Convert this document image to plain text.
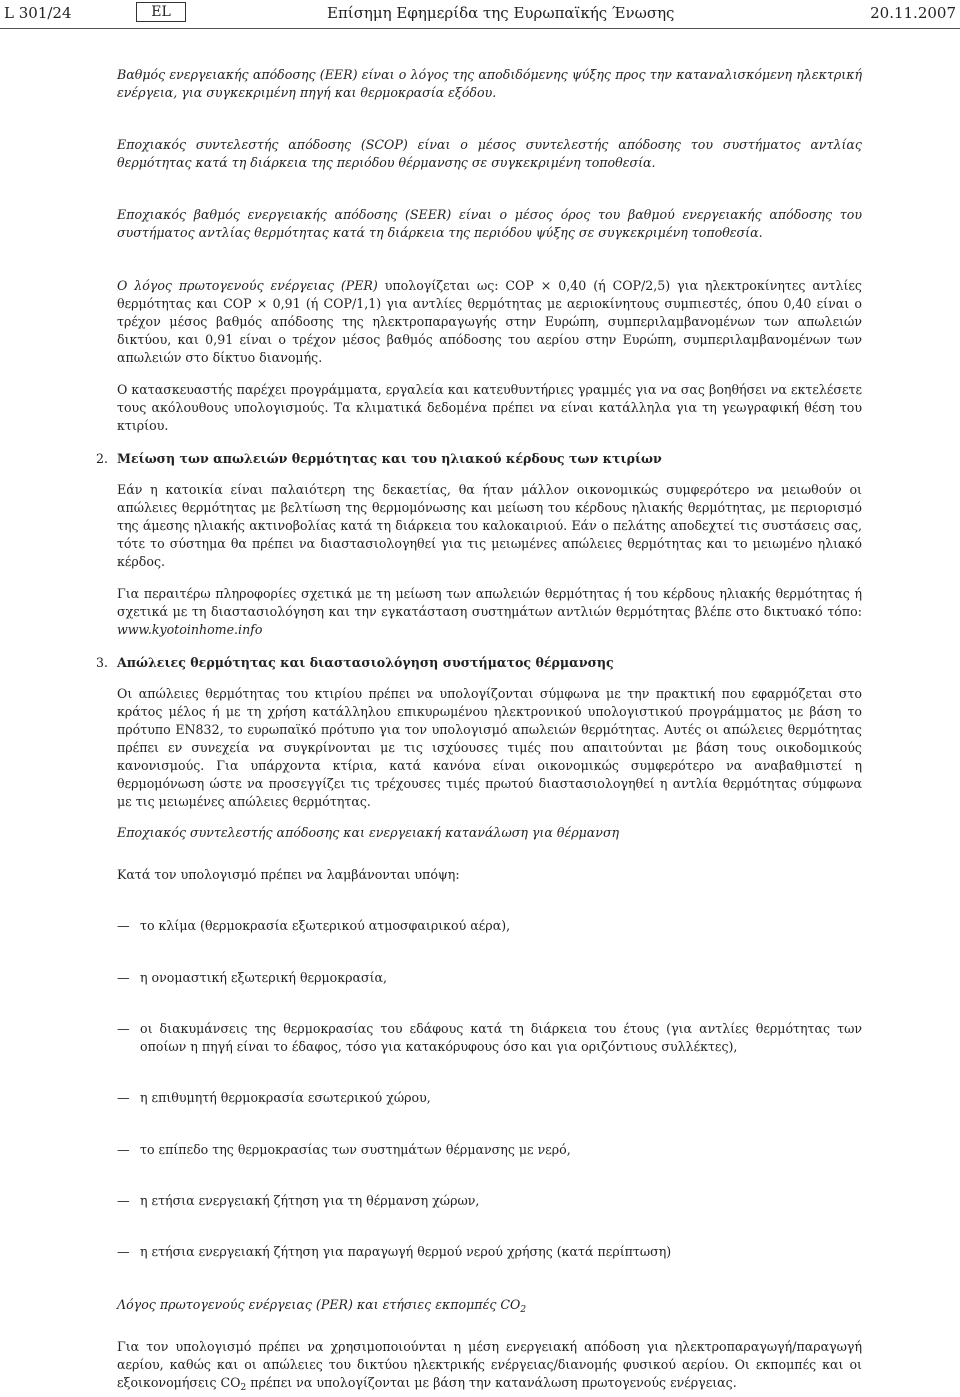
L 301/24	EL	Επίσημη Εφημερίδα της Ευρωπαϊκής Ένωσης	20.11.2007

Βαθμός ενεργειακής απόδοσης (EER) είναι ο λόγος της αποδιδόμενης ψύξης προς την καταναλισκόμενη ηλεκτρική ενέργεια, για συγκεκριμένη πηγή και θερμοκρασία εξόδου.

Εποχιακός συντελεστής απόδοσης (SCOP) είναι ο μέσος συντελεστής απόδοσης του συστήματος αντλίας θερμότητας κατά τη διάρκεια της περιόδου θέρμανσης σε συγκεκριμένη τοποθεσία.

Εποχιακός βαθμός ενεργειακής απόδοσης (SEER) είναι ο μέσος όρος του βαθμού ενεργειακής απόδοσης του συστήματος αντλίας θερμότητας κατά τη διάρκεια της περιόδου ψύξης σε συγκεκριμένη τοποθεσία.

Ο λόγος πρωτογενούς ενέργειας (PER) υπολογίζεται ως: COP × 0,40 (ή COP/2,5) για ηλεκτροκίνητες αντλίες θερμότητας και COP × 0,91 (ή COP/1,1) για αντλίες θερμότητας με αεριοκίνητους συμπιεστές, όπου 0,40 είναι ο τρέχον μέσος βαθμός απόδοσης της ηλεκτροπαραγωγής στην Ευρώπη, συμπεριλαμβανομένων των απωλειών δικτύου, και 0,91 είναι ο τρέχον μέσος βαθμός απόδοσης του αερίου στην Ευρώπη, συμπεριλαμβανομένων των απωλειών στο δίκτυο διανομής.

Ο κατασκευαστής παρέχει προγράμματα, εργαλεία και κατευθυντήριες γραμμές για να σας βοηθήσει να εκτελέσετε τους ακόλουθους υπολογισμούς. Τα κλιματικά δεδομένα πρέπει να είναι κατάλληλα για τη γεωγραφική θέση του κτιρίου.

2. Μείωση των απωλειών θερμότητας και του ηλιακού κέρδους των κτιρίων

Εάν η κατοικία είναι παλαιότερη της δεκαετίας, θα ήταν μάλλον οικονομικώς συμφερότερο να μειωθούν οι απώλειες θερμότητας με βελτίωση της θερμομόνωσης και μείωση του κέρδους ηλιακής θερμότητας, με περιορισμό της άμεσης ηλιακής ακτινοβολίας κατά τη διάρκεια του καλοκαιριού. Εάν ο πελάτης αποδεχτεί τις συστάσεις σας, τότε το σύστημα θα πρέπει να διαστασιολογηθεί για τις μειωμένες απώλειες θερμότητας και το μειωμένο ηλιακό κέρδος.

Για περαιτέρω πληροφορίες σχετικά με τη μείωση των απωλειών θερμότητας ή του κέρδους ηλιακής θερμότητας ή σχετικά με τη διαστασιολόγηση και την εγκατάσταση συστημάτων αντλιών θερμότητας βλέπε στο δικτυακό τόπο: www.kyotoinhome.info

3. Απώλειες θερμότητας και διαστασιολόγηση συστήματος θέρμανσης

Οι απώλειες θερμότητας του κτιρίου πρέπει να υπολογίζονται σύμφωνα με την πρακτική που εφαρμόζεται στο κράτος μέλος ή με τη χρήση κατάλληλου επικυρωμένου ηλεκτρονικού υπολογιστικού προγράμματος με βάση το πρότυπο EN832, το ευρωπαϊκό πρότυπο για τον υπολογισμό απωλειών θερμότητας. Αυτές οι απώλειες θερμότητας πρέπει εν συνεχεία να συγκρίνονται με τις ισχύουσες τιμές που απαιτούνται με βάση τους οικοδομικούς κανονισμούς. Για υπάρχοντα κτίρια, κατά κανόνα είναι οικονομικώς συμφερότερο να αναβαθμιστεί η θερμομόνωση ώστε να προσεγγίζει τις τρέχουσες τιμές πρωτού διαστασιολογηθεί η αντλία θερμότητας σύμφωνα με τις μειωμένες απώλειες θερμότητας.

Εποχιακός συντελεστής απόδοσης και ενεργειακή κατανάλωση για θέρμανση

Κατά τον υπολογισμό πρέπει να λαμβάνονται υπόψη:

— το κλίμα (θερμοκρασία εξωτερικού ατμοσφαιρικού αέρα),

— η ονομαστική εξωτερική θερμοκρασία,

— οι διακυμάνσεις της θερμοκρασίας του εδάφους κατά τη διάρκεια του έτους (για αντλίες θερμότητας των οποίων η πηγή είναι το έδαφος, τόσο για κατακόρυφους όσο και για οριζόντιους συλλέκτες),

— η επιθυμητή θερμοκρασία εσωτερικού χώρου,

— το επίπεδο της θερμοκρασίας των συστημάτων θέρμανσης με νερό,

— η ετήσια ενεργειακή ζήτηση για τη θέρμανση χώρων,

— η ετήσια ενεργειακή ζήτηση για παραγωγή θερμού νερού χρήσης (κατά περίπτωση)

Λόγος πρωτογενούς ενέργειας (PER) και ετήσιες εκπομπές $CO_2$

Για τον υπολογισμό πρέπει να χρησιμοποιούνται η μέση ενεργειακή απόδοση για ηλεκτροπαραγωγή/παραγωγή αερίου, καθώς και οι απώλειες του δικτύου ηλεκτρικής ενέργειας/διανομής φυσικού αερίου. Οι εκπομπές και οι εξοικονομήσεις $CO_2$ πρέπει να υπολογίζονται με βάση την κατανάλωση πρωτογενούς ενέργειας.
